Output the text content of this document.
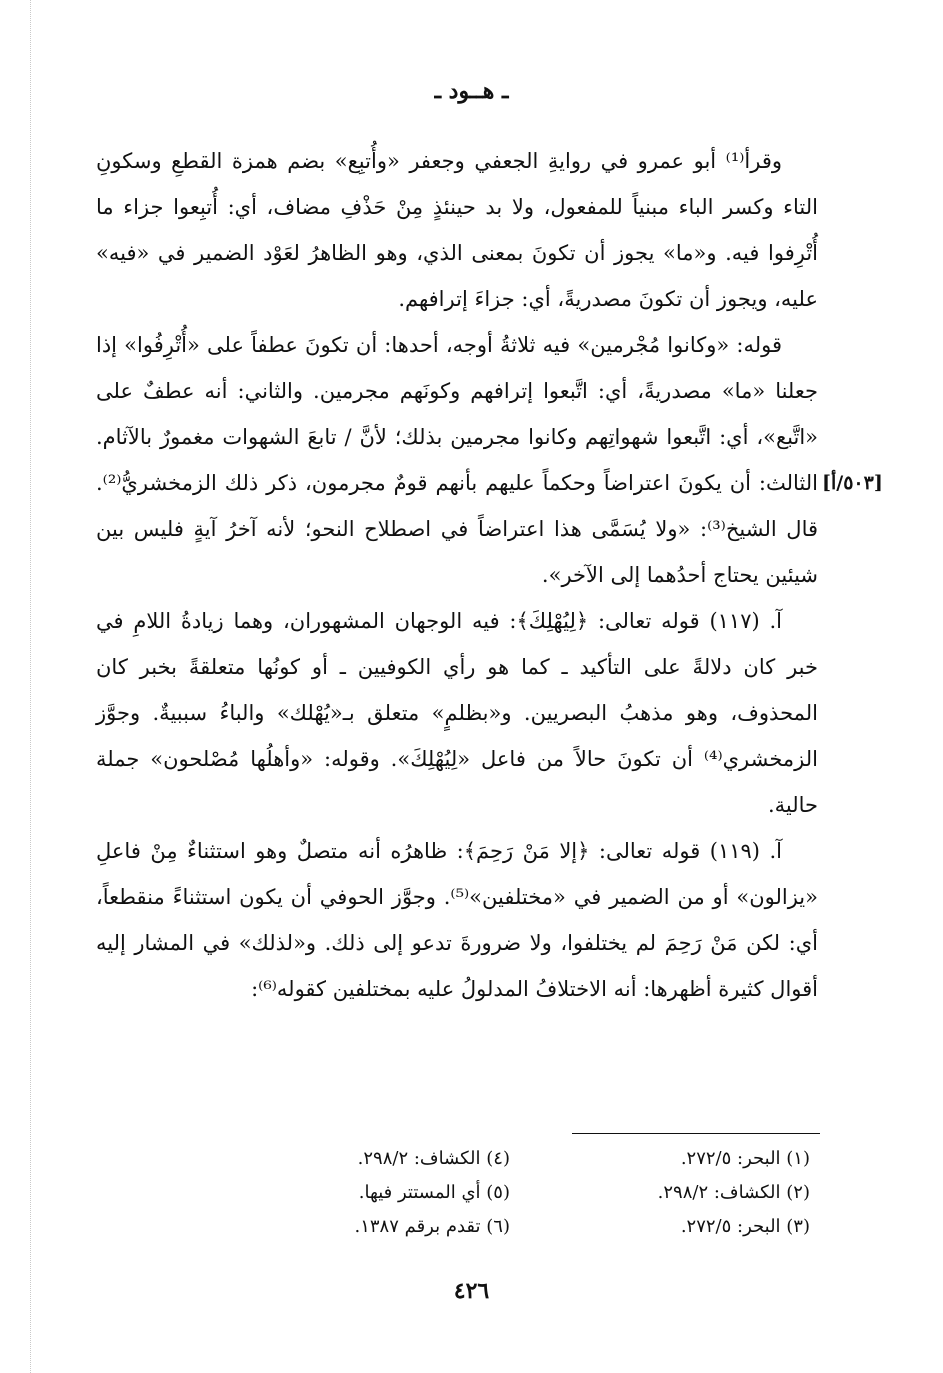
ـ هــود ـ
[٥٠٣/أ]

وقرأ⁽¹⁾ أبو عمرو في روايةِ الجعفي وجعفر «وأُتبِع» بضم همزة القطعِ وسكونِ التاء وكسر الباء مبنياً للمفعول، ولا بد حينئذٍ مِنْ حَذْفِ مضاف، أي: أُتبِعوا جزاء ما أُتْرِفوا فيه. و«ما» يجوز أن تكونَ بمعنى الذي، وهو الظاهرُ لعَوْد الضمير في «فيه» عليه، ويجوز أن تكونَ مصدريةً، أي: جزاءَ إترافهم.

قوله: «وكانوا مُجْرمين» فيه ثلاثةُ أوجه، أحدها: أن تكونَ عطفاً على «أُتْرِفُوا» إذا جعلنا «ما» مصدريةً، أي: اتَّبعوا إترافهم وكونَهم مجرمين. والثاني: أنه عطفٌ على «اتَّبع»، أي: اتَّبعوا شهواتِهم وكانوا مجرمين بذلك؛ لأنَّ / تابعَ الشهوات مغمورٌ بالآثام. الثالث: أن يكونَ اعتراضاً وحكماً عليهم بأنهم قومٌ مجرمون، ذكر ذلك الزمخشريُّ⁽²⁾. قال الشيخ⁽³⁾: «ولا يُسَمَّى هذا اعتراضاً في اصطلاح النحو؛ لأنه آخرُ آيةٍ فليس بين شيئين يحتاج أحدُهما إلى الآخر».

آ. (١١٧) قوله تعالى: ﴿لِيُهْلِكَ﴾: فيه الوجهان المشهوران، وهما زيادةُ اللامِ في خبر كان دلالةً على التأكيد ـ كما هو رأي الكوفيين ـ أو كونُها متعلقةً بخبر كان المحذوف، وهو مذهبُ البصريين. و«بظلمٍ» متعلق بـ«يُهْلك» والباءُ سببيةٌ. وجوَّز الزمخشري⁽⁴⁾ أن تكونَ حالاً من فاعل «لِيُهْلِكَ». وقوله: «وأهلُها مُصْلحون» جملة حالية.

آ. (١١٩) قوله تعالى: ﴿إلا مَنْ رَحِمَ﴾: ظاهرُه أنه متصلٌ وهو استثناءٌ مِنْ فاعلِ «يزالون» أو من الضمير في «مختلفين»⁽⁵⁾. وجوَّز الحوفي أن يكون استثناءً منقطعاً، أي: لكن مَنْ رَحِمَ لم يختلفوا، ولا ضرورةَ تدعو إلى ذلك. و«لذلك» في المشار إليه أقوال كثيرة أظهرها: أنه الاختلافُ المدلولُ عليه بمختلفين كقوله⁽⁶⁾:

(١) البحر: ٢٧٢/٥.
(٤) الكشاف: ٢٩٨/٢.
(٢) الكشاف: ٢٩٨/٢.
(٥) أي المستتر فيها.
(٣) البحر: ٢٧٢/٥.
(٦) تقدم برقم ١٣٨٧.
٤٢٦
